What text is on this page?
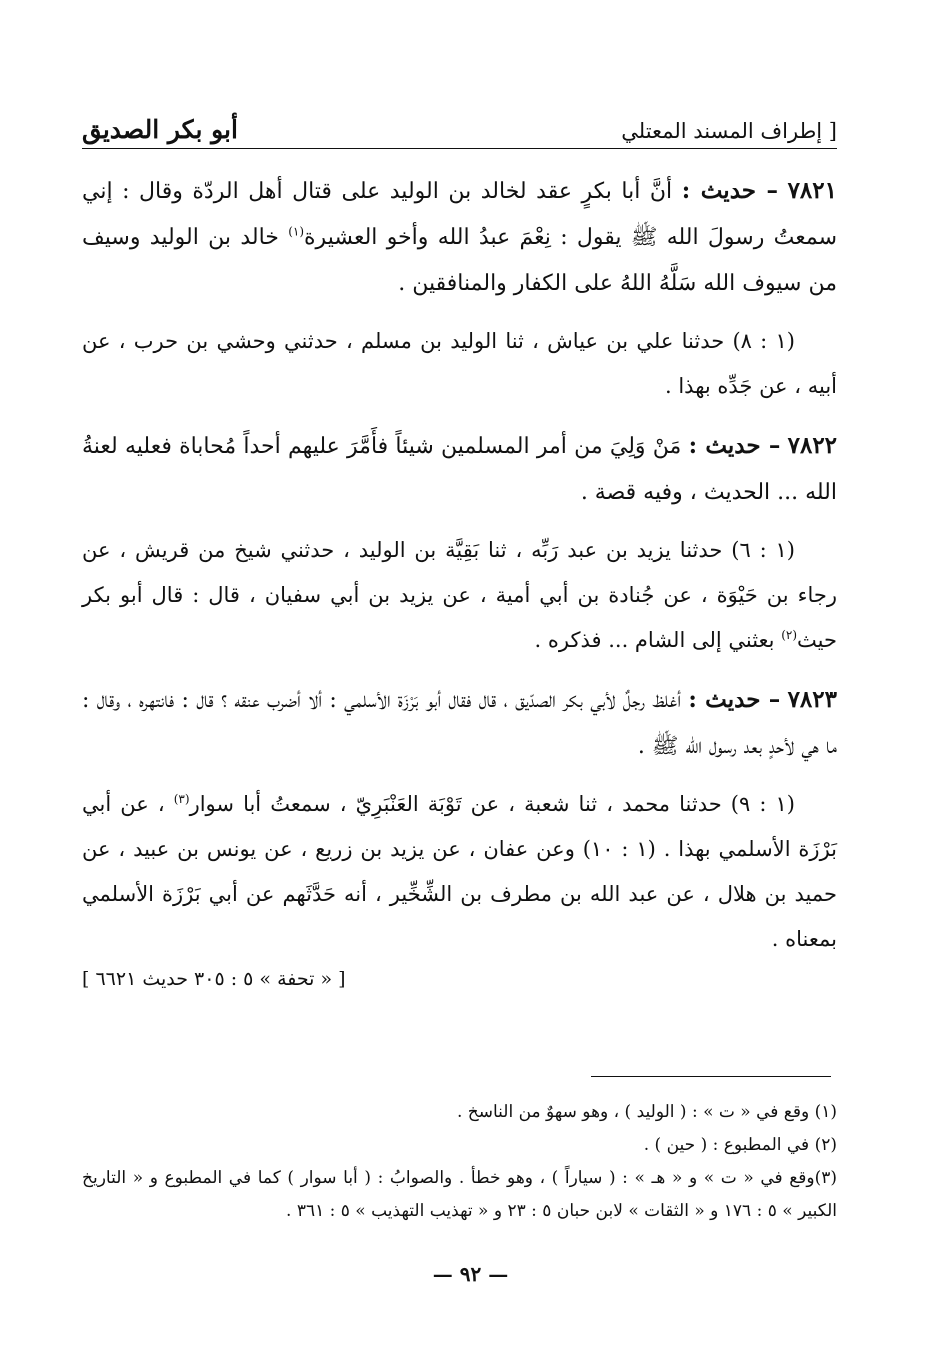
أبو بكر الصديق	[ إطراف المسند المعتلي

٧٨٢١ – حديث : أنَّ أبا بكرٍ عقد لخالد بن الوليد على قتال أهل الردّة وقال : إني سمعتُ رسولَ الله ﷺ يقول : نِعْمَ عبدُ الله وأخو العشيرة$^{(١)}$ خالد بن الوليد وسيف من سيوف الله سَلَّهُ اللهُ على الكفار والمنافقين .

(١ : ٨) حدثنا علي بن عياش ، ثنا الوليد بن مسلم ، حدثني وحشي بن حرب ، عن أبيه ، عن جَدِّه بهذا .

٧٨٢٢ – حديث : مَنْ وَلِيَ من أمر المسلمين شيئاً فأَمَّرَ عليهم أحداً مُحاباة فعليه لعنةُ الله ... الحديث ، وفيه قصة .

(١ : ٦) حدثنا يزيد بن عبد رَبِّه ، ثنا بَقِيَّة بن الوليد ، حدثني شيخ من قريش ، عن رجاء بن حَيْوَة ، عن جُنادة بن أبي أمية ، عن يزيد بن أبي سفيان ، قال : قال أبو بكر حيث$^{(٢)}$ بعثني إلى الشام ... فذكره .

٧٨٢٣ – حديث : أغلظ رجلٌ لأبي بكر الصدّيق ، قال فقال أبو بَرْزَة الأسلمي : ألا أضرب عنقه ؟ قال : فانتهره ، وقال : ما هي لأحدٍ بعد رسول الله ﷺ .

(١ : ٩) حدثنا محمد ، ثنا شعبة ، عن تَوْبَة العَنْبَرِيّ ، سمعتُ أبا سوار$^{(٣)}$ ، عن أبي بَرْزَة الأسلمي بهذا . (١ : ١٠) وعن عفان ، عن يزيد بن زريع ، عن يونس بن عبيد ، عن حميد بن هلال ، عن عبد الله بن مطرف بن الشِّخِّير ، أنه حَدَّثَهم عن أبي بَرْزَة الأسلمي بمعناه .

[ « تحفة » ٥ : ٣٠٥ حديث ٦٦٢١ ]

(١) وقع في « ت » : ( الوليد ) ، وهو سهوٌ من الناسخ .

(٢) في المطبوع : ( حين ) .

(٣)وقع في « ت » و « هـ » : ( سياراً ) ، وهو خطأ . والصوابُ : ( أبا سوار ) كما في المطبوع و « التاريخ الكبير » ٥ : ١٧٦ و « الثقات » لابن حبان ٥ : ٢٣ و « تهذيب التهذيب » ٥ : ٣٦١ .

— ٩٢ —
